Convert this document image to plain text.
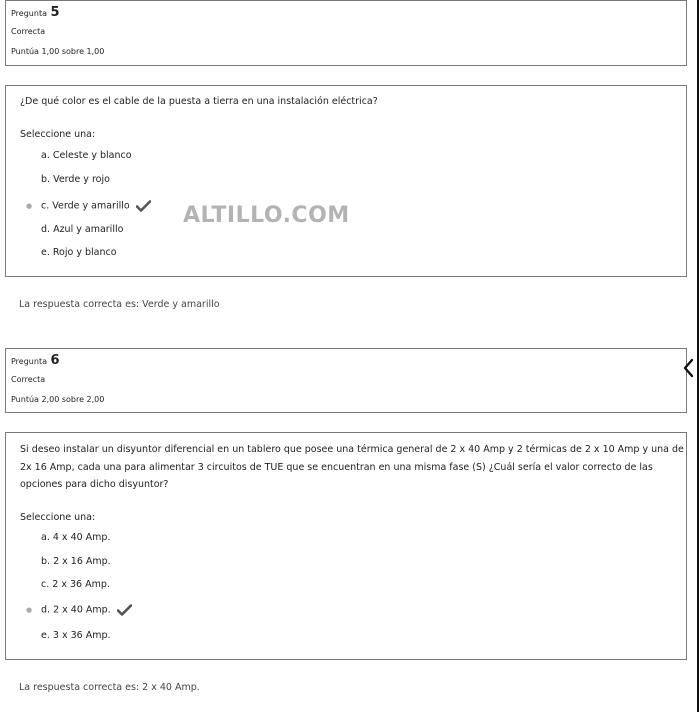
Pregunta 5
Correcta
Puntúa 1,00 sobre 1,00
¿De qué color es el cable de la puesta a tierra en una instalación eléctrica?
Seleccione una:
a. Celeste y blanco
b. Verde y rojo
● c. Verde y amarillo
d. Azul y amarillo
e. Rojo y blanco
ALTILLO.COM
La respuesta correcta es: Verde y amarillo
Pregunta 6
Correcta
Puntúa 2,00 sobre 2,00
Si deseo instalar un disyuntor diferencial en un tablero que posee una térmica general de 2 x 40 Amp y 2 térmicas de 2 x 10 Amp y una de
2x 16 Amp, cada una para alimentar 3 circuitos de TUE que se encuentran en una misma fase (S) ¿Cuál sería el valor correcto de las
opciones para dicho disyuntor?
Seleccione una:
a. 4 x 40 Amp.
b. 2 x 16 Amp.
c. 2 x 36 Amp.
● d. 2 x 40 Amp.
e. 3 x 36 Amp.
La respuesta correcta es: 2 x 40 Amp.
